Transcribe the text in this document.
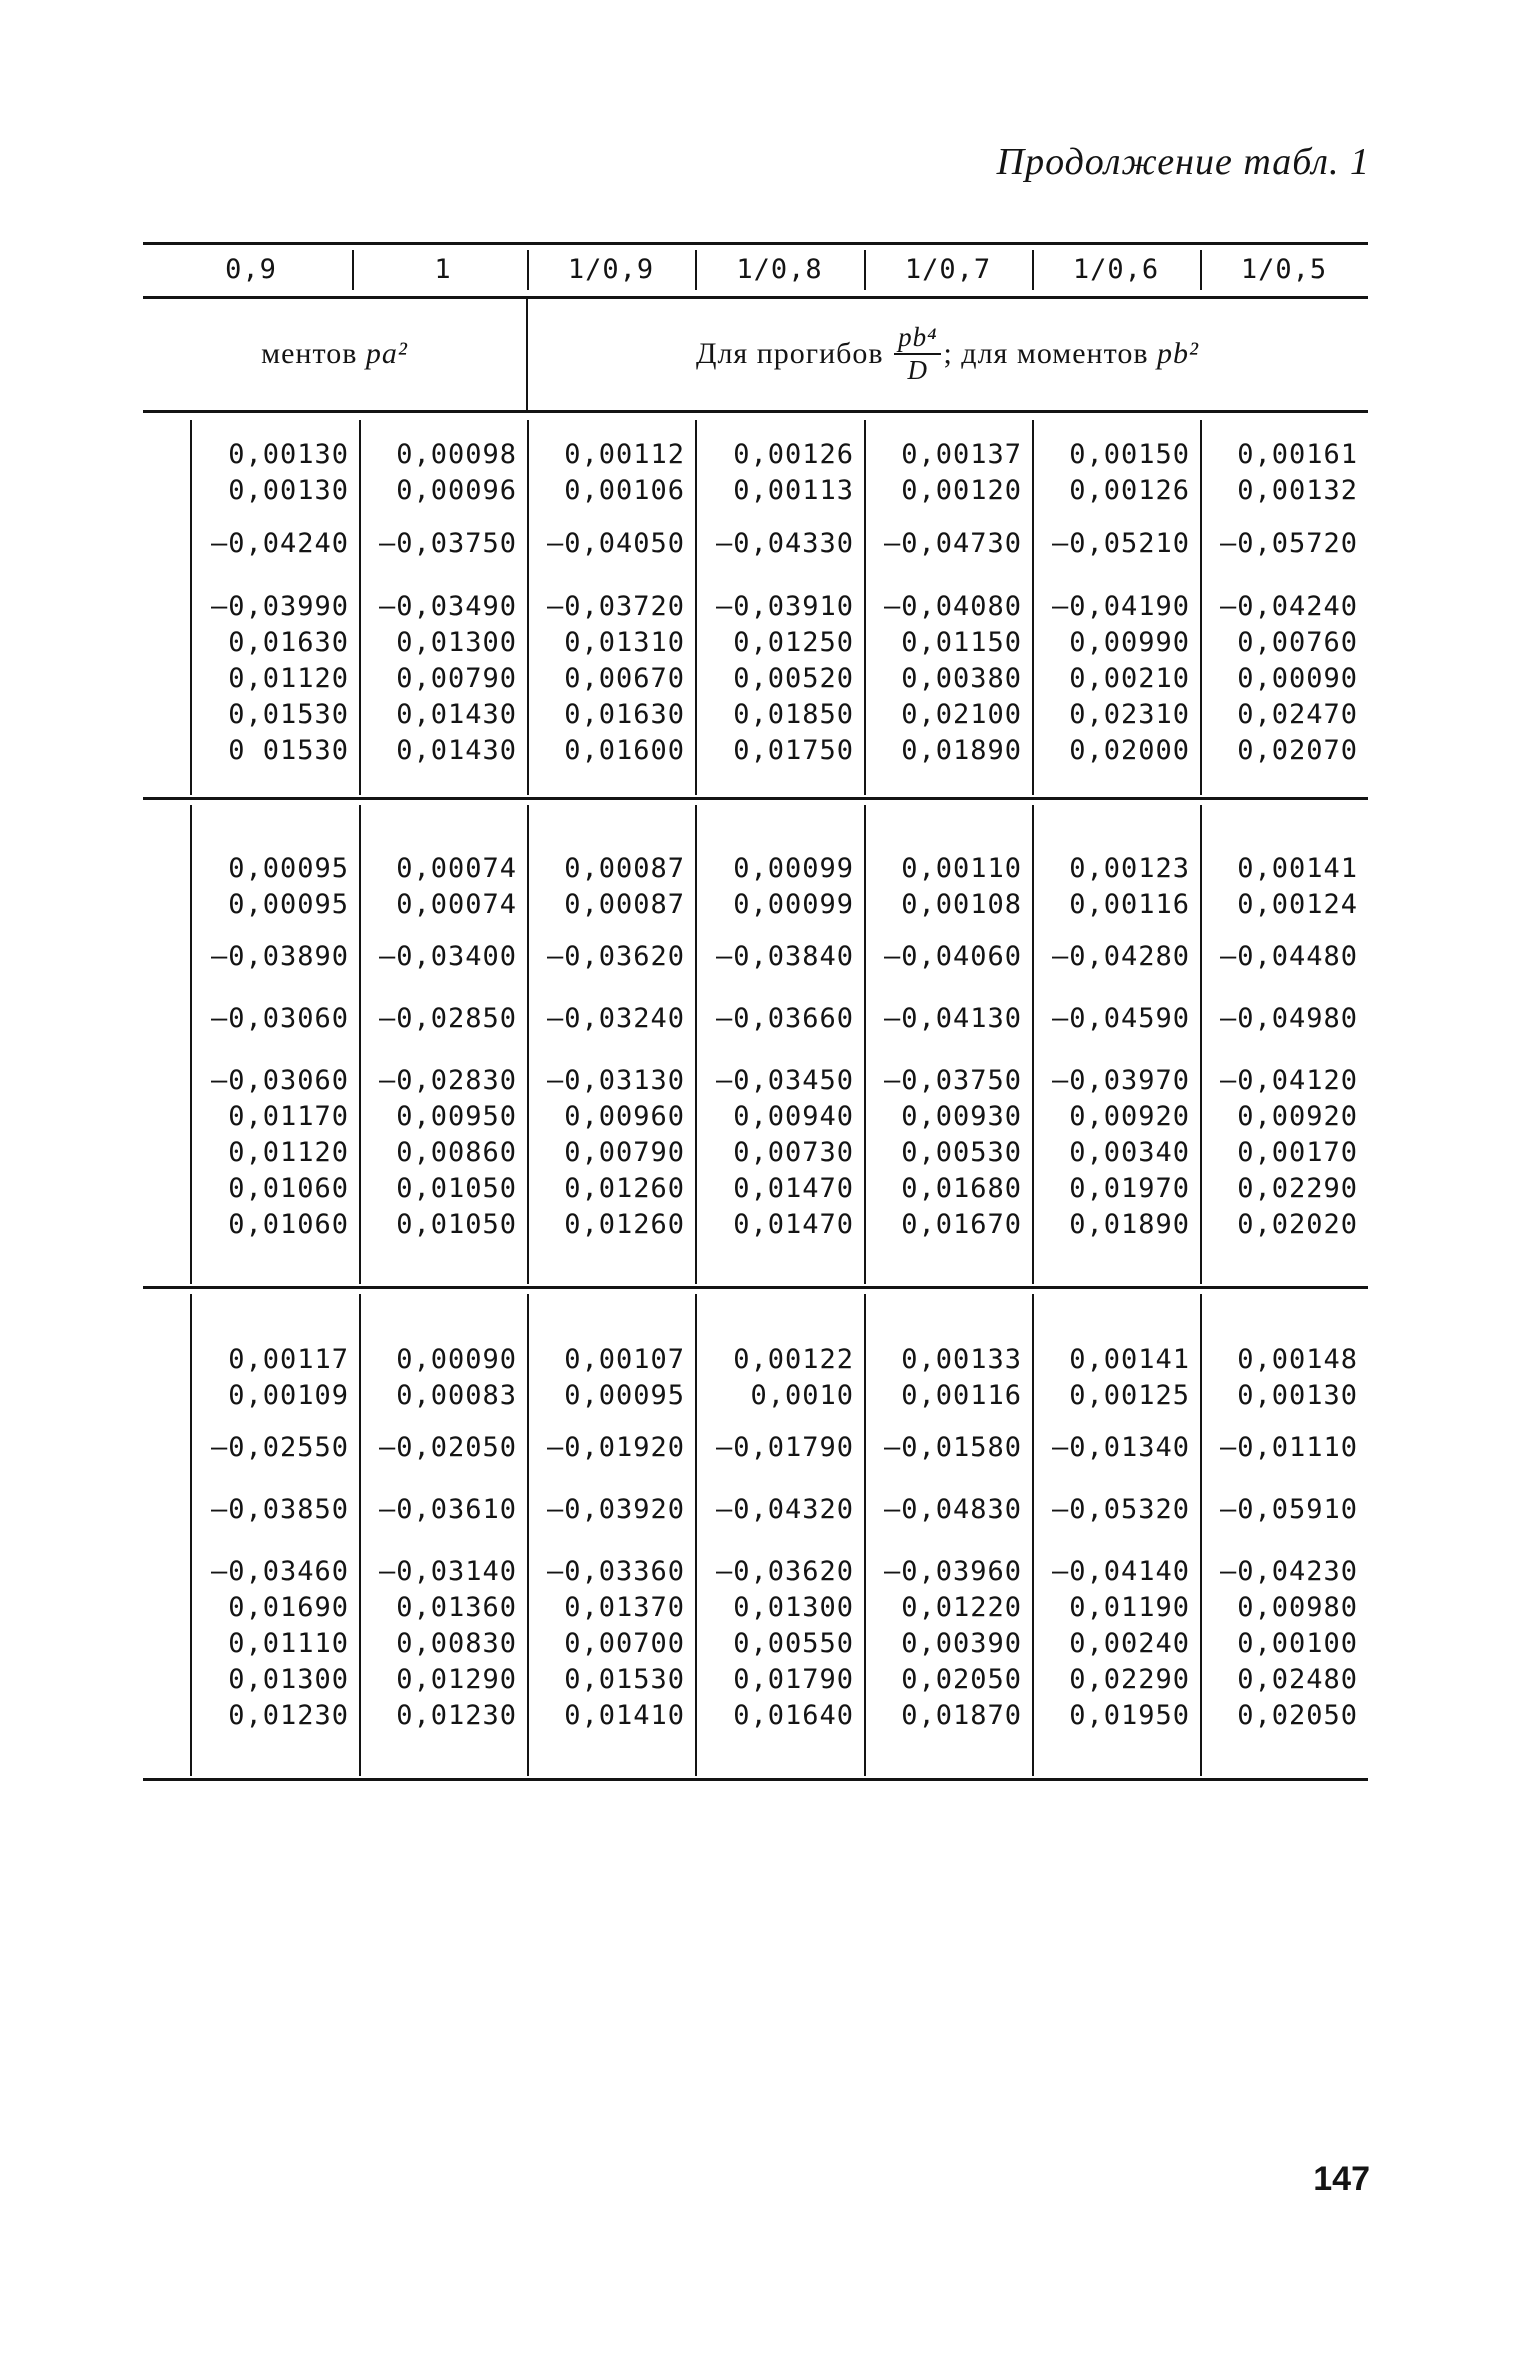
Продолжение табл. 1
ментов
pa²	Для прогибов
$\frac{\text{pb⁴}}{D}$ ; для моментов
pb²
0,9	1	1/0,9	1/0,8	1/0,7	1/0,6	1/0,5
0,00130	0,00098	0,00112	0,00126	0,00137	0,00150	0,00161
0,00130	0,00096	0,00106	0,00113	0,00120	0,00126	0,00132
—0,04240	—0,03750	—0,04050	—0,04330	—0,04730	—0,05210	—0,05720
—0,03990	—0,03490	—0,03720	—0,03910	—0,04080	—0,04190	—0,04240
0,01630	0,01300	0,01310	0,01250	0,01150	0,00990	0,00760
0,01120	0,00790	0,00670	0,00520	0,00380	0,00210	0,00090
0,01530	0,01430	0,01630	0,01850	0,02100	0,02310	0,02470
0 01530	0,01430	0,01600	0,01750	0,01890	0,02000	0,02070
0,00095	0,00074	0,00087	0,00099	0,00110	0,00123	0,00141
0,00095	0,00074	0,00087	0,00099	0,00108	0,00116	0,00124
—0,03890	—0,03400	—0,03620	—0,03840	—0,04060	—0,04280	—0,04480
—0,03060	—0,02850	—0,03240	—0,03660	—0,04130	—0,04590	—0,04980
—0,03060	—0,02830	—0,03130	—0,03450	—0,03750	—0,03970	—0,04120
0,01170	0,00950	0,00960	0,00940	0,00930	0,00920	0,00920
0,01120	0,00860	0,00790	0,00730	0,00530	0,00340	0,00170
0,01060	0,01050	0,01260	0,01470	0,01680	0,01970	0,02290
0,01060	0,01050	0,01260	0,01470	0,01670	0,01890	0,02020
0,00117	0,00090	0,00107	0,00122	0,00133	0,00141	0,00148
0,00109	0,00083	0,00095	0,0010	0,00116	0,00125	0,00130
—0,02550	—0,02050	—0,01920	—0,01790	—0,01580	—0,01340	—0,01110
—0,03850	—0,03610	—0,03920	—0,04320	—0,04830	—0,05320	—0,05910
—0,03460	—0,03140	—0,03360	—0,03620	—0,03960	—0,04140	—0,04230
0,01690	0,01360	0,01370	0,01300	0,01220	0,01190	0,00980
0,01110	0,00830	0,00700	0,00550	0,00390	0,00240	0,00100
0,01300	0,01290	0,01530	0,01790	0,02050	0,02290	0,02480
0,01230	0,01230	0,01410	0,01640	0,01870	0,01950	0,02050
147
